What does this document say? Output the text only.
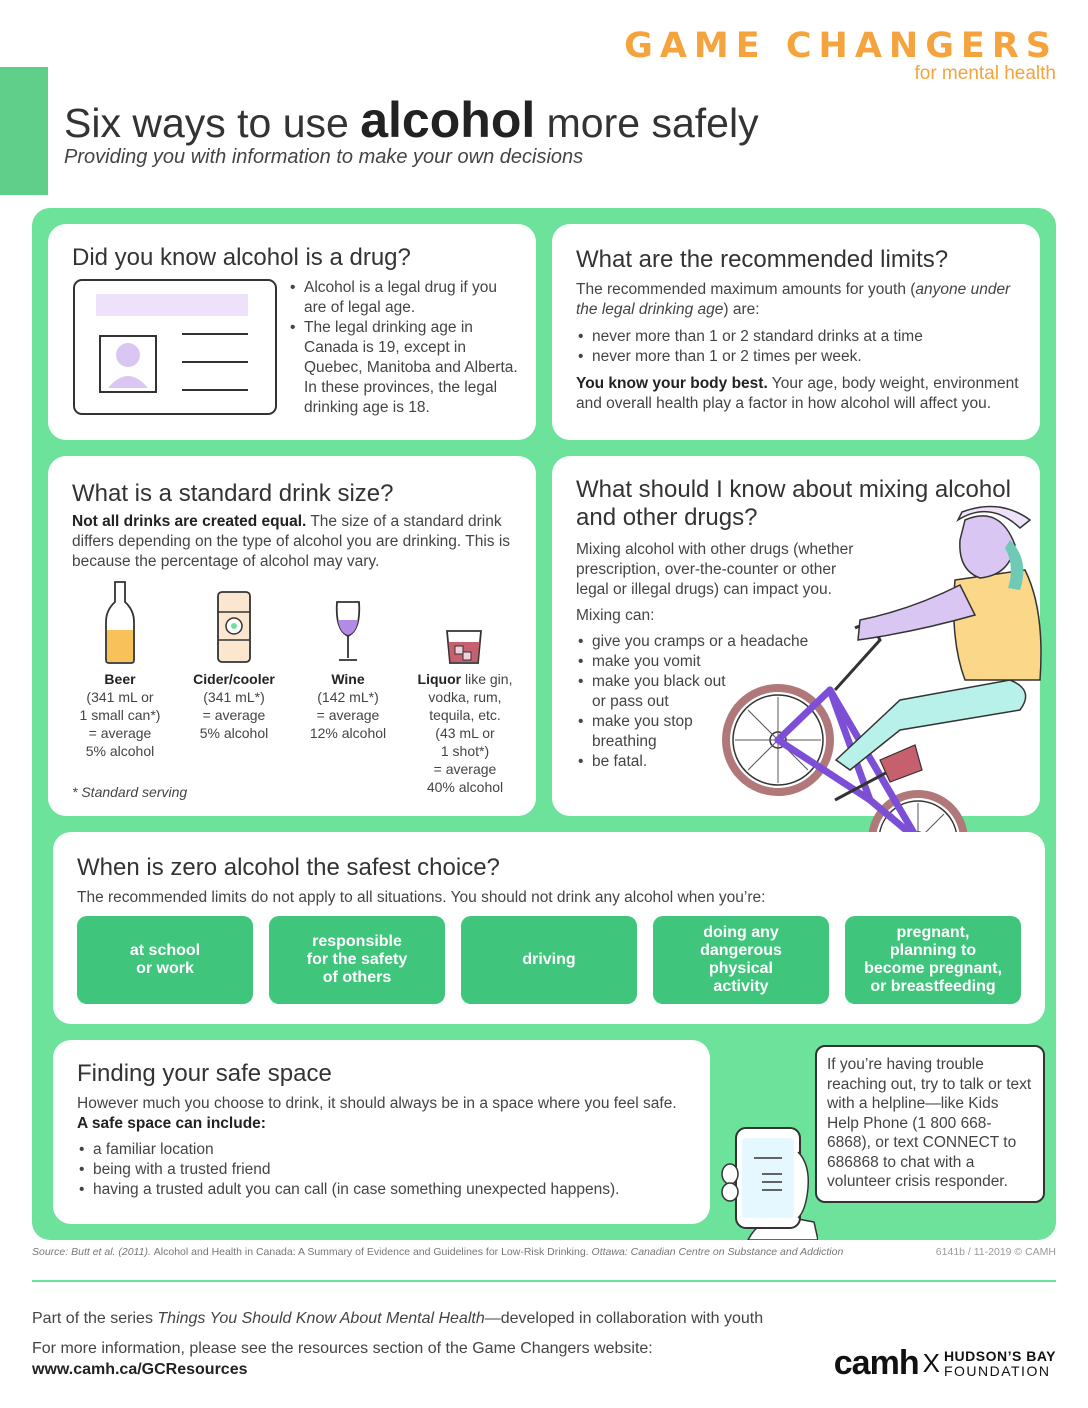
GAME CHANGERS
for mental health
Six ways to use alcohol more safely
Providing you with information to make your own decisions
Did you know alcohol is a drug?
• Alcohol is a legal drug if you are of legal age.
• The legal drinking age in Canada is 19, except in Quebec, Manitoba and Alberta. In these provinces, the legal drinking age is 18.
What are the recommended limits?
The recommended maximum amounts for youth (anyone under the legal drinking age) are:
• never more than 1 or 2 standard drinks at a time
• never more than 1 or 2 times per week.
You know your body best. Your age, body weight, environment and overall health play a factor in how alcohol will affect you.
What is a standard drink size?
Not all drinks are created equal. The size of a standard drink differs depending on the type of alcohol you are drinking. This is because the percentage of alcohol may vary.
Beer
(341 mL or
1 small can*)
= average
5% alcohol
Cider/cooler
(341 mL*)
= average
5% alcohol
Wine
(142 mL*)
= average
12% alcohol
Liquor like gin,
vodka, rum,
tequila, etc.
(43 mL or
1 shot*)
= average
40% alcohol
* Standard serving
What should I know about mixing alcohol and other drugs?
Mixing alcohol with other drugs (whether prescription, over-the-counter or other legal or illegal drugs) can impact you.
Mixing can:
• give you cramps or a headache
• make you vomit
• make you black out or pass out
• make you stop breathing
• be fatal.
When is zero alcohol the safest choice?
The recommended limits do not apply to all situations. You should not drink any alcohol when you’re:
at school
or work
responsible
for the safety
of others
driving
doing any
dangerous
physical
activity
pregnant,
planning to
become pregnant,
or breastfeeding
Finding your safe space
However much you choose to drink, it should always be in a space where you feel safe.
A safe space can include:
• a familiar location
• being with a trusted friend
• having a trusted adult you can call (in case something unexpected happens).
If you’re having trouble reaching out, try to talk or text with a helpline—like Kids Help Phone (1 800 668-6868), or text CONNECT to 686868 to chat with a volunteer crisis responder.
Source: Butt et al. (2011). Alcohol and Health in Canada: A Summary of Evidence and Guidelines for Low-Risk Drinking. Ottawa: Canadian Centre on Substance and Addiction	6141b / 11-2019 © CAMH
Part of the series Things You Should Know About Mental Health—developed in collaboration with youth
For more information, please see the resources section of the Game Changers website:
www.camh.ca/GCResources	camh X HUDSON’S BAY
FOUNDATION
